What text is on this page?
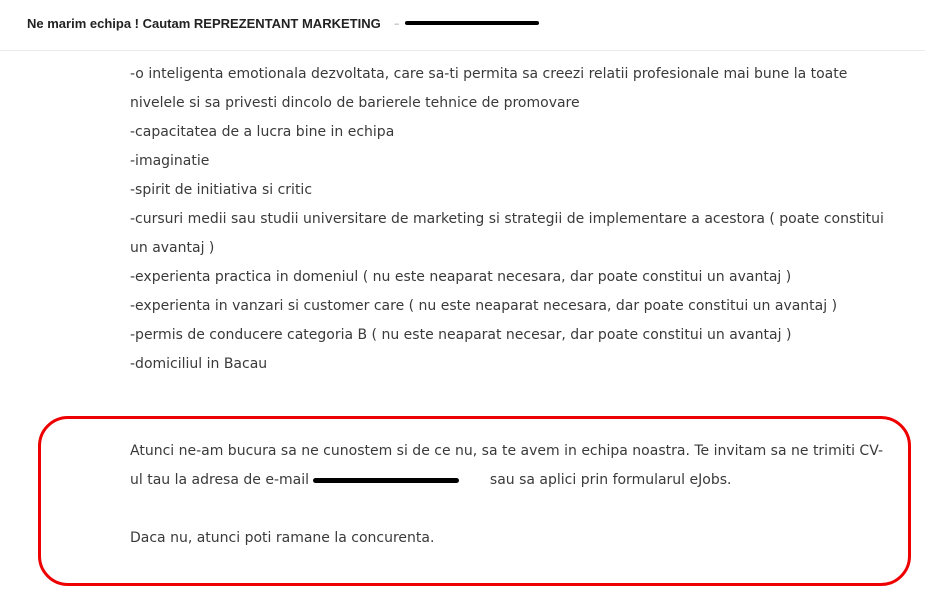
Ne marim echipa ! Cautam REPREZENTANT MARKETING –
-o inteligenta emotionala dezvoltata, care sa-ti permita sa creezi relatii profesionale mai bune la toate nivelele si sa privesti dincolo de barierele tehnice de promovare
-capacitatea de a lucra bine in echipa
-imaginatie
-spirit de initiativa si critic
-cursuri medii sau studii universitare de marketing si strategii de implementare a acestora ( poate constitui un avantaj )
-experienta practica in domeniul ( nu este neaparat necesara, dar poate constitui un avantaj )
-experienta in vanzari si customer care ( nu este neaparat necesara, dar poate constitui un avantaj )
-permis de conducere categoria B ( nu este neaparat necesar, dar poate constitui un avantaj )
-domiciliul in Bacau

Atunci ne-am bucura sa ne cunostem si de ce nu, sa te avem in echipa noastra. Te invitam sa ne trimiti CV-ul tau la adresa de e-mail	sau sa aplici prin formularul eJobs.

Daca nu, atunci poti ramane la concurenta.
